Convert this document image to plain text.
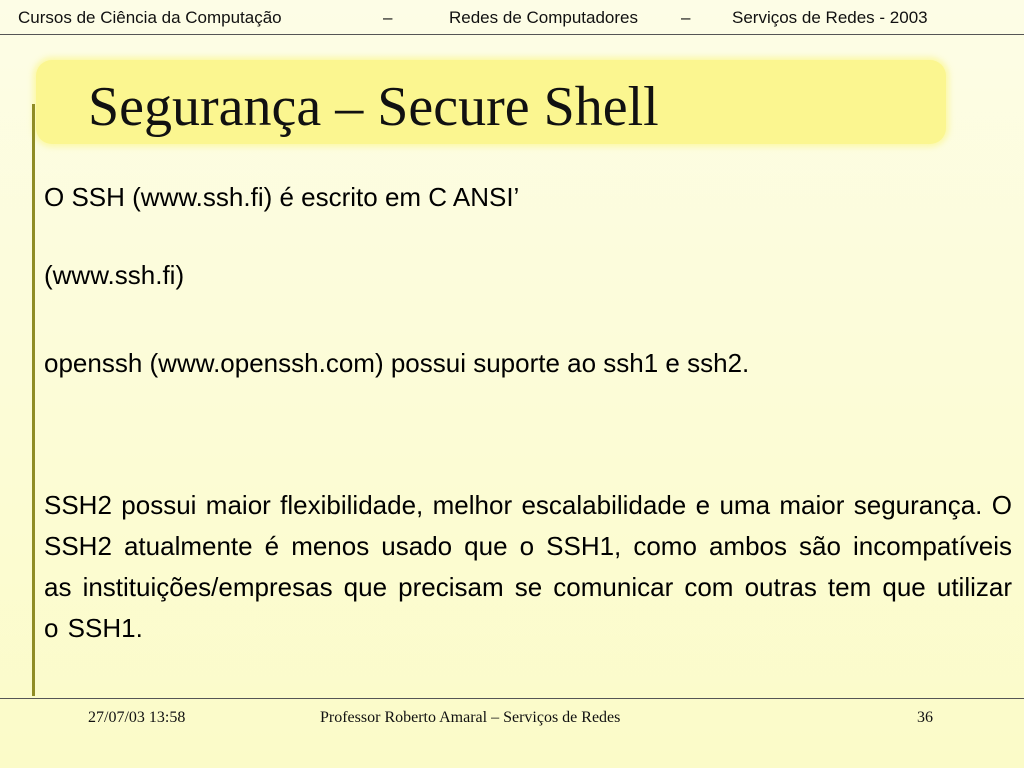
Cursos de Ciência da Computação	–	Redes de Computadores	– Serviços de Redes - 2003
Segurança – Secure Shell
O SSH (www.ssh.fi) é escrito em C ANSI’
(www.ssh.fi)
openssh (www.openssh.com) possui suporte ao ssh1 e ssh2.

SSH2 possui maior flexibilidade, melhor escalabilidade e uma maior segurança. O SSH2 atualmente é menos usado que o SSH1, como ambos são incompatíveis as instituições/empresas que precisam se comunicar com outras tem que utilizar o SSH1.

27/07/03 13:58	Professor Roberto Amaral – Serviços de Redes	36
